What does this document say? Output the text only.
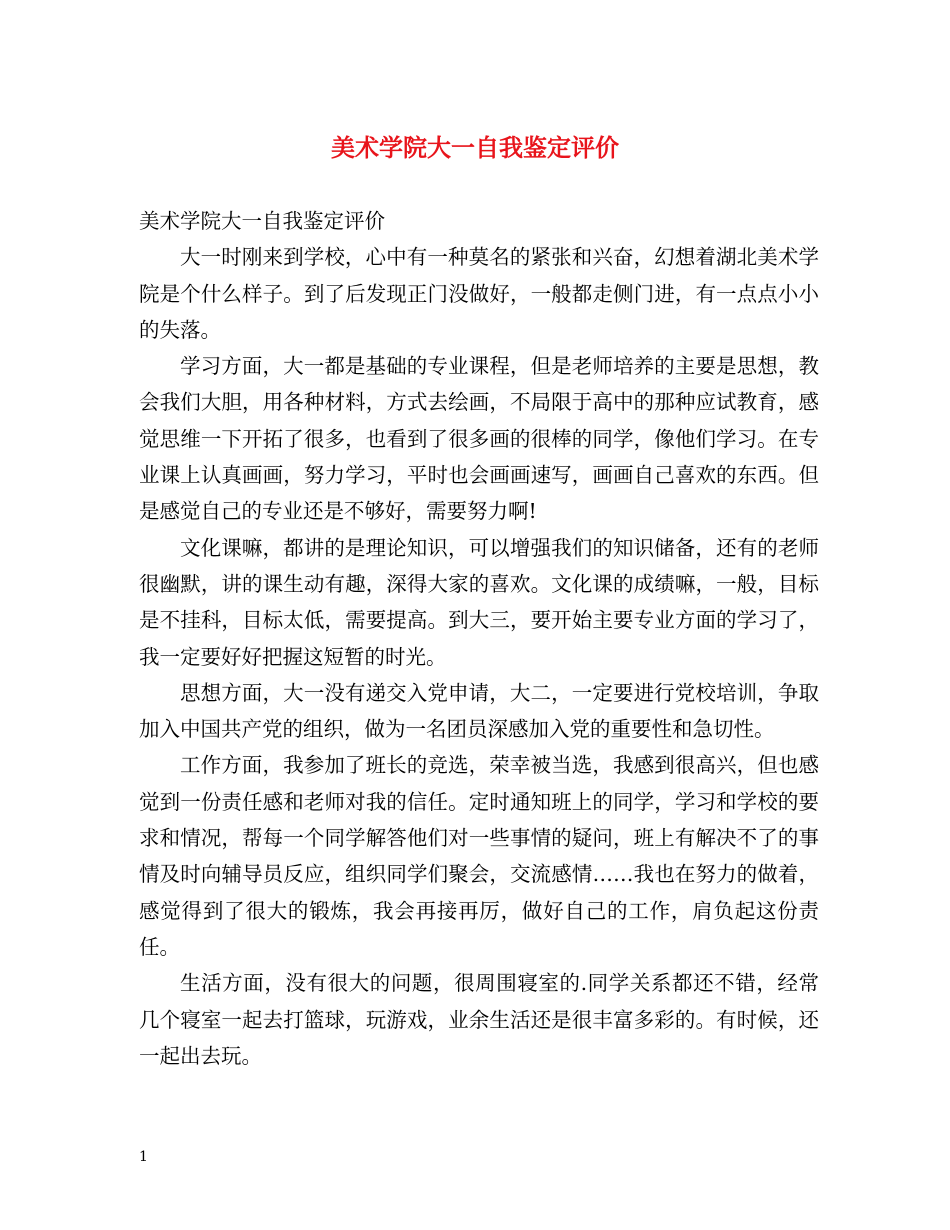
美术学院大一自我鉴定评价

美术学院大一自我鉴定评价

大一时刚来到学校，心中有一种莫名的紧张和兴奋，幻想着湖北美术学院是个什么样子。到了后发现正门没做好，一般都走侧门进，有一点点小小的失落。

学习方面，大一都是基础的专业课程，但是老师培养的主要是思想，教会我们大胆，用各种材料，方式去绘画，不局限于高中的那种应试教育，感觉思维一下开拓了很多，也看到了很多画的很棒的同学，像他们学习。在专业课上认真画画，努力学习，平时也会画画速写，画画自己喜欢的东西。但是感觉自己的专业还是不够好，需要努力啊!

文化课嘛，都讲的是理论知识，可以增强我们的知识储备，还有的老师很幽默，讲的课生动有趣，深得大家的喜欢。文化课的成绩嘛，一般，目标是不挂科，目标太低，需要提高。到大三，要开始主要专业方面的学习了，我一定要好好把握这短暂的时光。

思想方面，大一没有递交入党申请，大二，一定要进行党校培训，争取加入中国共产党的组织，做为一名团员深感加入党的重要性和急切性。

工作方面，我参加了班长的竞选，荣幸被当选，我感到很高兴，但也感觉到一份责任感和老师对我的信任。定时通知班上的同学，学习和学校的要求和情况，帮每一个同学解答他们对一些事情的疑问，班上有解决不了的事情及时向辅导员反应，组织同学们聚会，交流感情……我也在努力的做着，感觉得到了很大的锻炼，我会再接再厉，做好自己的工作，肩负起这份责任。

生活方面，没有很大的问题，很周围寝室的.同学关系都还不错，经常几个寝室一起去打篮球，玩游戏，业余生活还是很丰富多彩的。有时候，还一起出去玩。

1
